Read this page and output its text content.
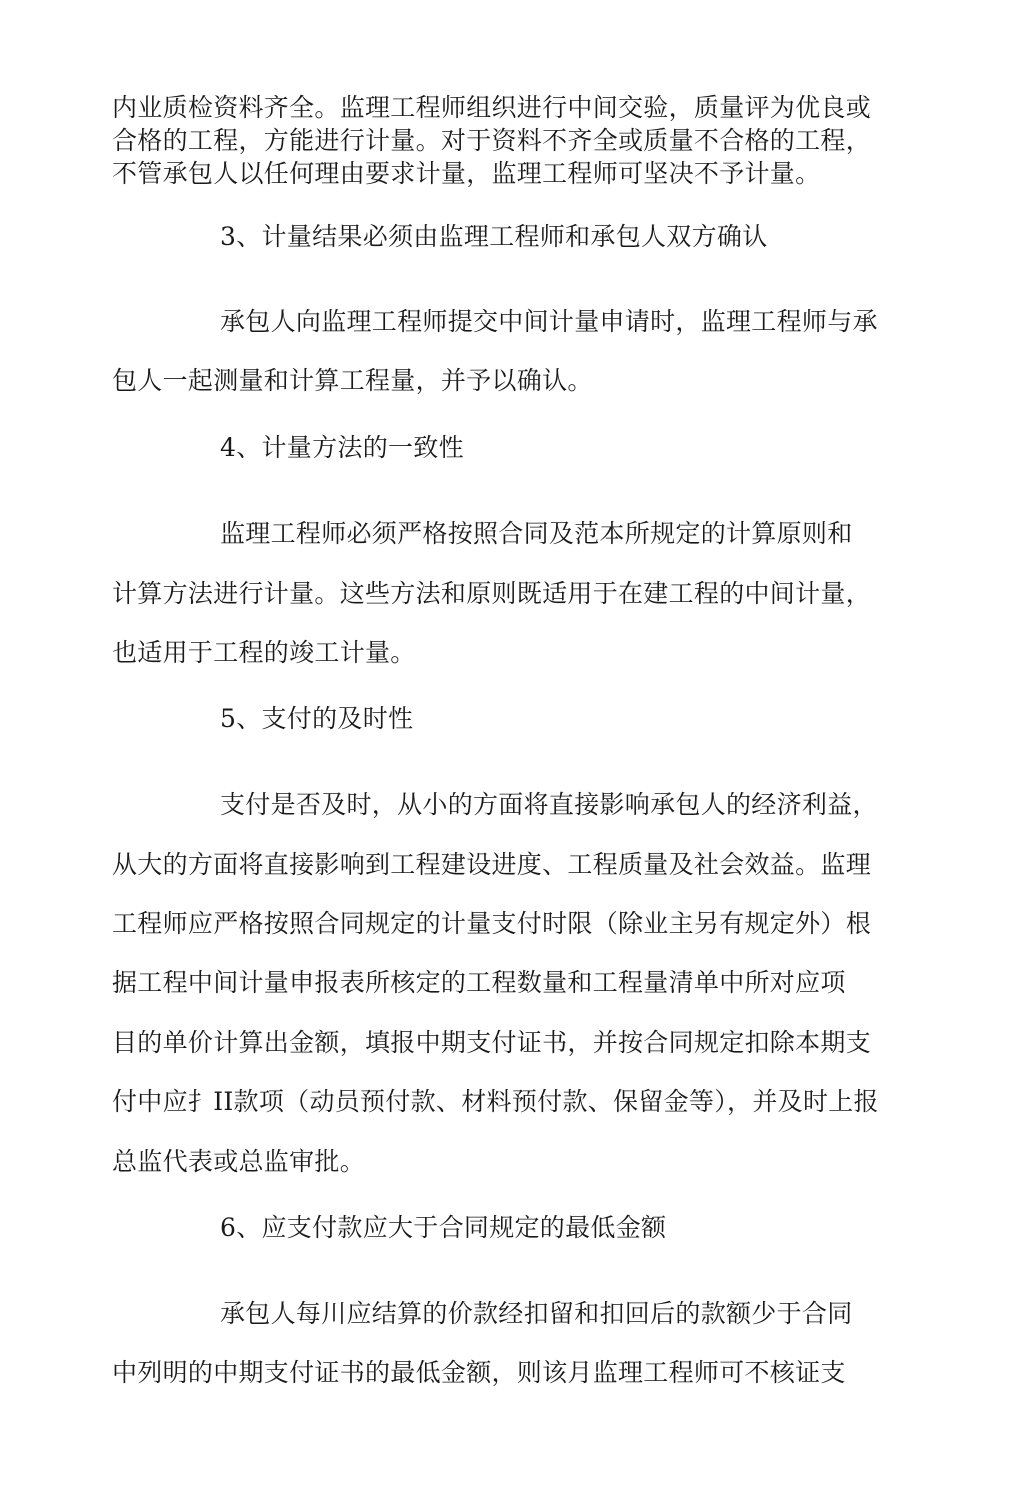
内业质检资料齐全。监理工程师组织进行中间交验，质量评为优良或
合格的工程，方能进行计量。对于资料不齐全或质量不合格的工程，
不管承包人以任何理由要求计量，监理工程师可坚决不予计量。
3、计量结果必须由监理工程师和承包人双方确认
承包人向监理工程师提交中间计量申请时，监理工程师与承
包人一起测量和计算工程量，并予以确认。
4、计量方法的一致性
监理工程师必须严格按照合同及范本所规定的计算原则和
计算方法进行计量。这些方法和原则既适用于在建工程的中间计量，
也适用于工程的竣工计量。
5、支付的及时性
支付是否及时，从小的方面将直接影响承包人的经济利益，
从大的方面将直接影响到工程建设进度、工程质量及社会效益。监理
工程师应严格按照合同规定的计量支付时限（除业主另有规定外）根
据工程中间计量申报表所核定的工程数量和工程量清单中所对应项
目的单价计算出金额，填报中期支付证书，并按合同规定扣除本期支
付中应扌II款项（动员预付款、材料预付款、保留金等），并及时上报
总监代表或总监审批。
6、应支付款应大于合同规定的最低金额
承包人每川应结算的价款经扣留和扣回后的款额少于合同
中列明的中期支付证书的最低金额，则该月监理工程师可不核证支
